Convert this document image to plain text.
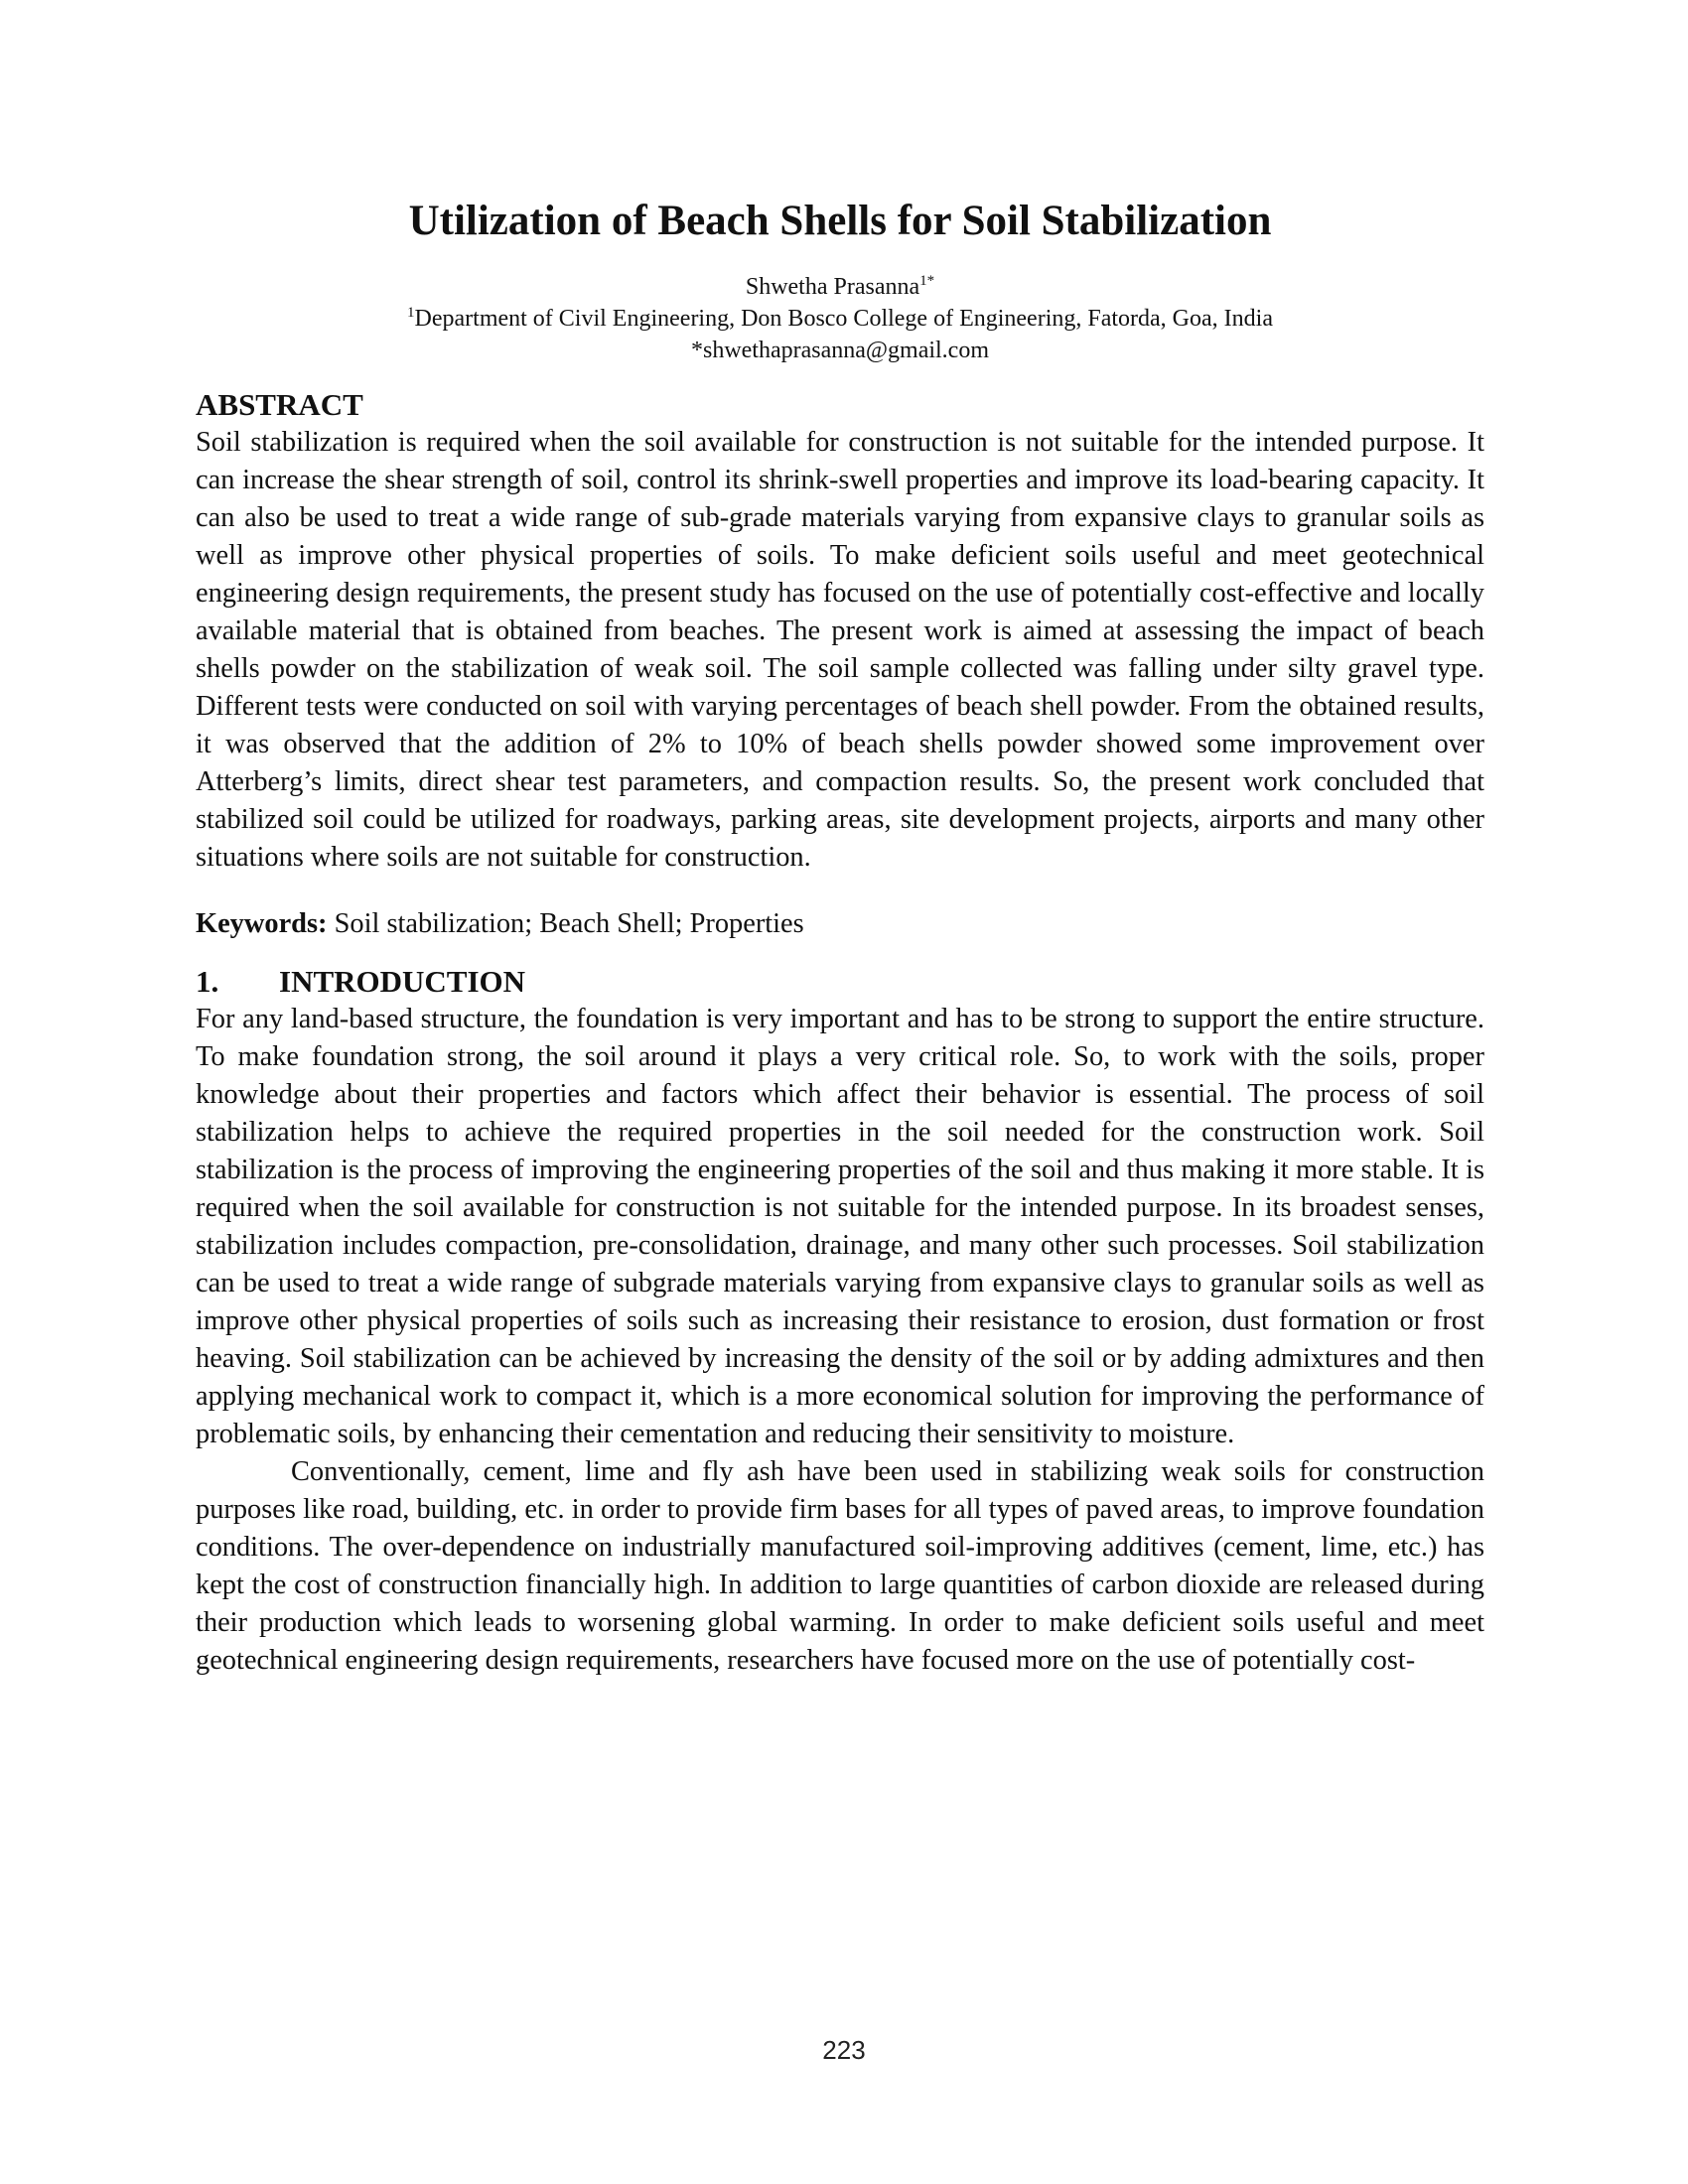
Utilization of Beach Shells for Soil Stabilization
Shwetha Prasanna$^{1*}$
$^1$Department of Civil Engineering, Don Bosco College of Engineering, Fatorda, Goa, India
*shwethaprasanna@gmail.com
ABSTRACT

Soil stabilization is required when the soil available for construction is not suitable for the intended purpose. It can increase the shear strength of soil, control its shrink-swell properties and improve its load-bearing capacity. It can also be used to treat a wide range of sub-grade materials varying from expansive clays to granular soils as well as improve other physical properties of soils. To make deficient soils useful and meet geotechnical engineering design requirements, the present study has focused on the use of potentially cost-effective and locally available material that is obtained from beaches. The present work is aimed at assessing the impact of beach shells powder on the stabilization of weak soil. The soil sample collected was falling under silty gravel type. Different tests were conducted on soil with varying percentages of beach shell powder. From the obtained results, it was observed that the addition of 2% to 10% of beach shells powder showed some improvement over Atterberg’s limits, direct shear test parameters, and compaction results. So, the present work concluded that stabilized soil could be utilized for roadways, parking areas, site development projects, airports and many other situations where soils are not suitable for construction.

Keywords: Soil stabilization; Beach Shell; Properties

1.	INTRODUCTION

For any land-based structure, the foundation is very important and has to be strong to support the entire structure. To make foundation strong, the soil around it plays a very critical role. So, to work with the soils, proper knowledge about their properties and factors which affect their behavior is essential. The process of soil stabilization helps to achieve the required properties in the soil needed for the construction work. Soil stabilization is the process of improving the engineering properties of the soil and thus making it more stable. It is required when the soil available for construction is not suitable for the intended purpose. In its broadest senses, stabilization includes compaction, pre-consolidation, drainage, and many other such processes. Soil stabilization can be used to treat a wide range of subgrade materials varying from expansive clays to granular soils as well as improve other physical properties of soils such as increasing their resistance to erosion, dust formation or frost heaving. Soil stabilization can be achieved by increasing the density of the soil or by adding admixtures and then applying mechanical work to compact it, which is a more economical solution for improving the performance of problematic soils, by enhancing their cementation and reducing their sensitivity to moisture.

Conventionally, cement, lime and fly ash have been used in stabilizing weak soils for construction purposes like road, building, etc. in order to provide firm bases for all types of paved areas, to improve foundation conditions. The over-dependence on industrially manufactured soil-improving additives (cement, lime, etc.) has kept the cost of construction financially high. In addition to large quantities of carbon dioxide are released during their production which leads to worsening global warming. In order to make deficient soils useful and meet geotechnical engineering design requirements, researchers have focused more on the use of potentially cost-

223
